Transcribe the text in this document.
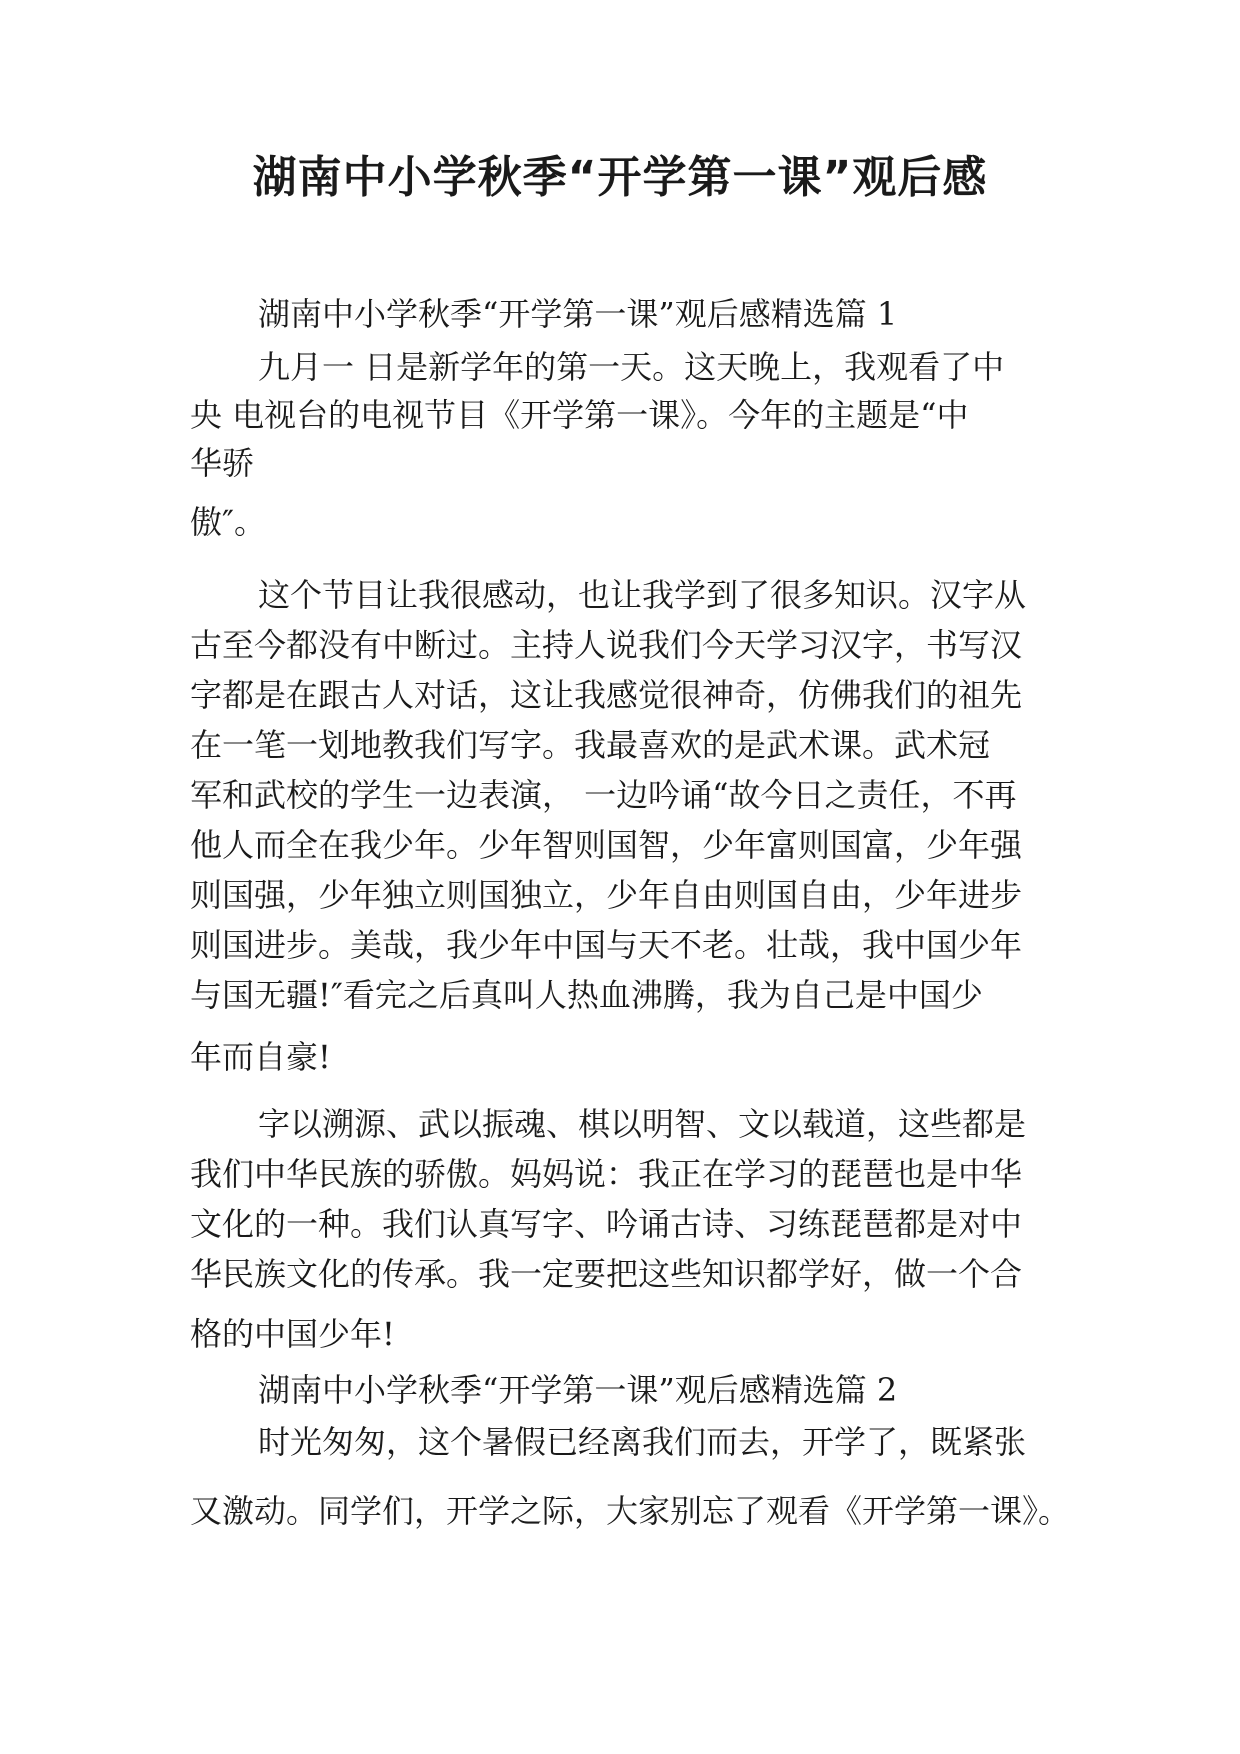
湖南中小学秋季“开学第一课”观后感

湖南中小学秋季“开学第一课”观后感精选篇 1

九月一 日是新学年的第一天。这天晚上，我观看了中

央 电视台的电视节目《开学第一课》。今年的主题是“中

华骄

傲″。

这个节目让我很感动，也让我学到了很多知识。汉字从

古至今都没有中断过。主持人说我们今天学习汉字，书写汉

字都是在跟古人对话，这让我感觉很神奇，仿佛我们的祖先

在一笔一划地教我们写字。我最喜欢的是武术课。武术冠

军和武校的学生一边表演， 一边吟诵“故今日之责任，不再

他人而全在我少年。少年智则国智，少年富则国富，少年强

则国强，少年独立则国独立，少年自由则国自由，少年进步

则国进步。美哉，我少年中国与天不老。壮哉，我中国少年

与国无疆!″看完之后真叫人热血沸腾，我为自己是中国少

年而自豪!

字以溯源、武以振魂、棋以明智、文以载道，这些都是

我们中华民族的骄傲。妈妈说：我正在学习的琵琶也是中华

文化的一种。我们认真写字、吟诵古诗、习练琵琶都是对中

华民族文化的传承。我一定要把这些知识都学好，做一个合

格的中国少年!

湖南中小学秋季“开学第一课”观后感精选篇 2

时光匆匆，这个暑假已经离我们而去，开学了，既紧张

又激动。同学们，开学之际，大家别忘了观看《开学第一课》。
